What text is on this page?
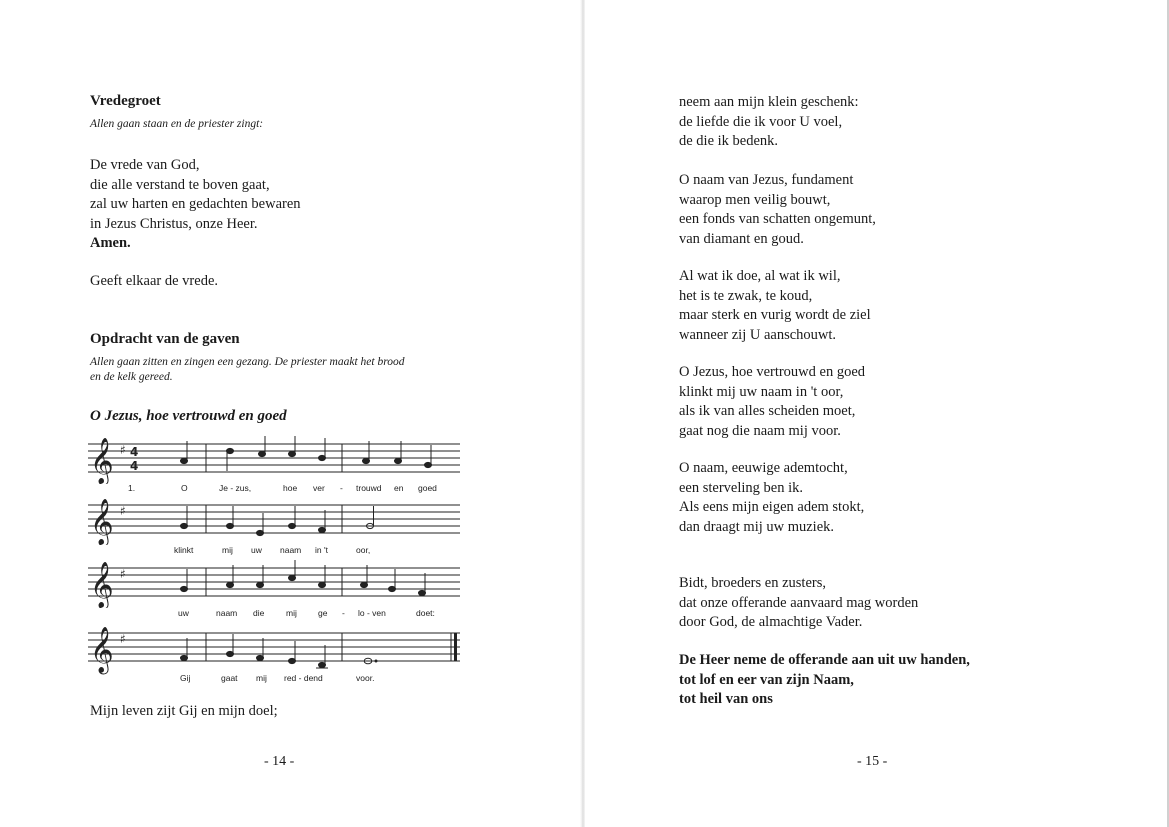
Vredegroet
Allen gaan staan en de priester zingt:
De vrede van God,
die alle verstand te boven gaat,
zal uw harten en gedachten bewaren
in Jezus Christus, onze Heer.
Amen.
Geeft elkaar de vrede.
Opdracht van de gaven
Allen gaan zitten en zingen een gezang. De priester maakt het brood
en de kelk gereed.
O Jezus, hoe vertrouwd en goed
𝄞 ♯ 4
4
1.	O	Je - zus,	hoe ver - trouwd en goed
𝄞 ♯
klinkt	mij uw naam in 't	oor,
𝄞 ♯
uw	naam die	mij ge - lo - ven	doet:
𝄞 ♯
Gij	gaat mij red - dend	voor.
Mijn leven zijt Gij en mijn doel;
- 14 -
neem aan mijn klein geschenk:
de liefde die ik voor U voel,
de die ik bedenk.
O naam van Jezus, fundament
waarop men veilig bouwt,
een fonds van schatten ongemunt,
van diamant en goud.
Al wat ik doe, al wat ik wil,
het is te zwak, te koud,
maar sterk en vurig wordt de ziel
wanneer zij U aanschouwt.
O Jezus, hoe vertrouwd en goed
klinkt mij uw naam in 't oor,
als ik van alles scheiden moet,
gaat nog die naam mij voor.
O naam, eeuwige ademtocht,
een sterveling ben ik.
Als eens mijn eigen adem stokt,
dan draagt mij uw muziek.
Bidt, broeders en zusters,
dat onze offerande aanvaard mag worden
door God, de almachtige Vader.
De Heer neme de offerande aan uit uw handen,
tot lof en eer van zijn Naam,
tot heil van ons
- 15 -
